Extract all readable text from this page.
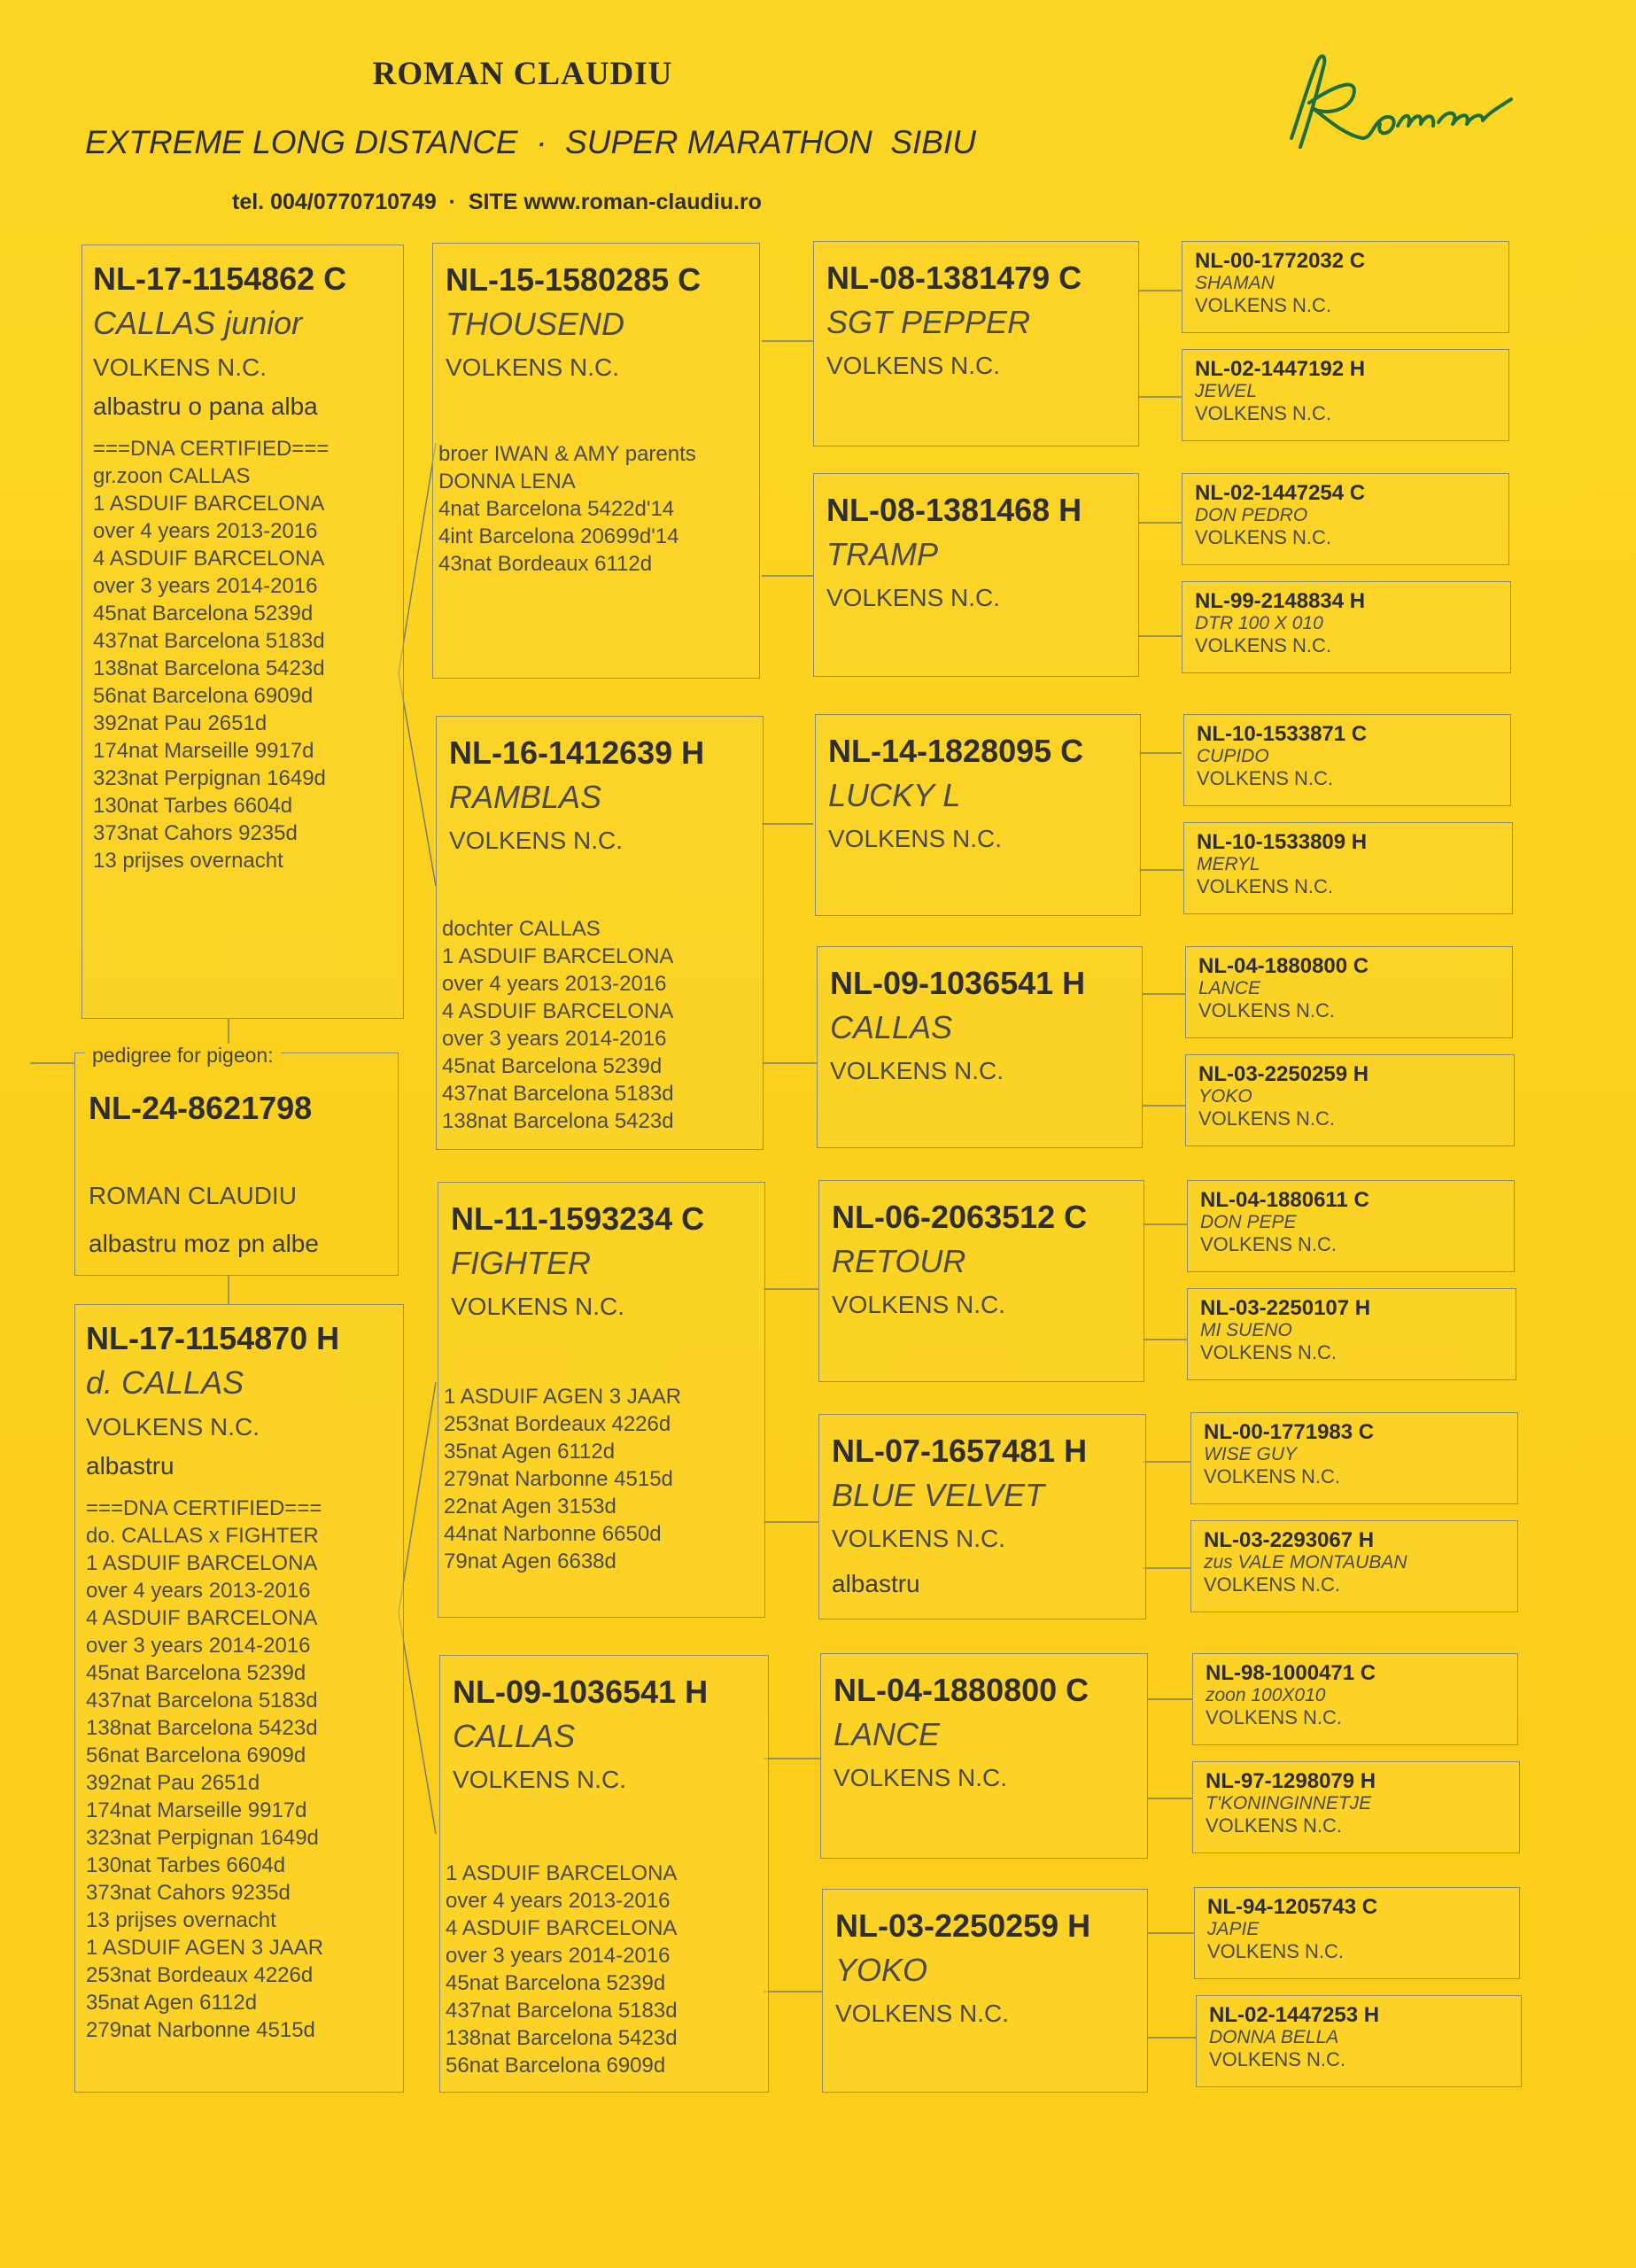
ROMAN CLAUDIU
EXTREME LONG DISTANCE  ·  SUPER MARATHON  SIBIU
tel. 004/0770710749  ·  SITE www.roman-claudiu.ro
NL-17-1154862 C
CALLAS junior
VOLKENS N.C.
albastru o pana alba
===DNA CERTIFIED===
gr.zoon CALLAS
1 ASDUIF BARCELONA
over 4 years 2013-2016
4 ASDUIF BARCELONA
over 3 years 2014-2016
45nat Barcelona 5239d
437nat Barcelona 5183d
138nat Barcelona 5423d
56nat Barcelona 6909d
392nat Pau 2651d
174nat Marseille 9917d
323nat Perpignan 1649d
130nat Tarbes 6604d
373nat Cahors 9235d
13 prijses overnacht
pedigree for pigeon:
NL-24-8621798
ROMAN CLAUDIU
albastru moz pn albe
NL-17-1154870 H
d. CALLAS
VOLKENS N.C.
albastru
===DNA CERTIFIED===
do. CALLAS x FIGHTER
1 ASDUIF BARCELONA
over 4 years 2013-2016
4 ASDUIF BARCELONA
over 3 years 2014-2016
45nat Barcelona 5239d
437nat Barcelona 5183d
138nat Barcelona 5423d
56nat Barcelona 6909d
392nat Pau 2651d
174nat Marseille 9917d
323nat Perpignan 1649d
130nat Tarbes 6604d
373nat Cahors 9235d
13 prijses overnacht
1 ASDUIF AGEN 3 JAAR
253nat Bordeaux 4226d
35nat Agen 6112d
279nat Narbonne 4515d
NL-15-1580285 C
THOUSEND
VOLKENS N.C.
broer IWAN & AMY parents
DONNA LENA
4nat Barcelona 5422d'14
4int Barcelona 20699d'14
43nat Bordeaux 6112d
NL-16-1412639 H
RAMBLAS
VOLKENS N.C.
dochter CALLAS
1 ASDUIF BARCELONA
over 4 years 2013-2016
4 ASDUIF BARCELONA
over 3 years 2014-2016
45nat Barcelona 5239d
437nat Barcelona 5183d
138nat Barcelona 5423d
NL-11-1593234 C
FIGHTER
VOLKENS N.C.
1 ASDUIF AGEN 3 JAAR
253nat Bordeaux 4226d
35nat Agen 6112d
279nat Narbonne 4515d
22nat Agen 3153d
44nat Narbonne 6650d
79nat Agen 6638d
NL-09-1036541 H
CALLAS
VOLKENS N.C.
1 ASDUIF BARCELONA
over 4 years 2013-2016
4 ASDUIF BARCELONA
over 3 years 2014-2016
45nat Barcelona 5239d
437nat Barcelona 5183d
138nat Barcelona 5423d
56nat Barcelona 6909d
NL-08-1381479 C
SGT PEPPER
VOLKENS N.C.
NL-08-1381468 H
TRAMP
VOLKENS N.C.
NL-14-1828095 C
LUCKY L
VOLKENS N.C.
NL-09-1036541 H
CALLAS
VOLKENS N.C.
NL-06-2063512 C
RETOUR
VOLKENS N.C.
NL-07-1657481 H
BLUE VELVET
VOLKENS N.C.
albastru
NL-04-1880800 C
LANCE
VOLKENS N.C.
NL-03-2250259 H
YOKO
VOLKENS N.C.
NL-00-1772032 C
SHAMAN
VOLKENS N.C.
NL-02-1447192 H
JEWEL
VOLKENS N.C.
NL-02-1447254 C
DON PEDRO
VOLKENS N.C.
NL-99-2148834 H
DTR 100 X 010
VOLKENS N.C.
NL-10-1533871 C
CUPIDO
VOLKENS N.C.
NL-10-1533809 H
MERYL
VOLKENS N.C.
NL-04-1880800 C
LANCE
VOLKENS N.C.
NL-03-2250259 H
YOKO
VOLKENS N.C.
NL-04-1880611 C
DON PEPE
VOLKENS N.C.
NL-03-2250107 H
MI SUENO
VOLKENS N.C.
NL-00-1771983 C
WISE GUY
VOLKENS N.C.
NL-03-2293067 H
zus VALE MONTAUBAN
VOLKENS N.C.
NL-98-1000471 C
zoon 100X010
VOLKENS N.C.
NL-97-1298079 H
T'KONINGINNETJE
VOLKENS N.C.
NL-94-1205743 C
JAPIE
VOLKENS N.C.
NL-02-1447253 H
DONNA BELLA
VOLKENS N.C.
